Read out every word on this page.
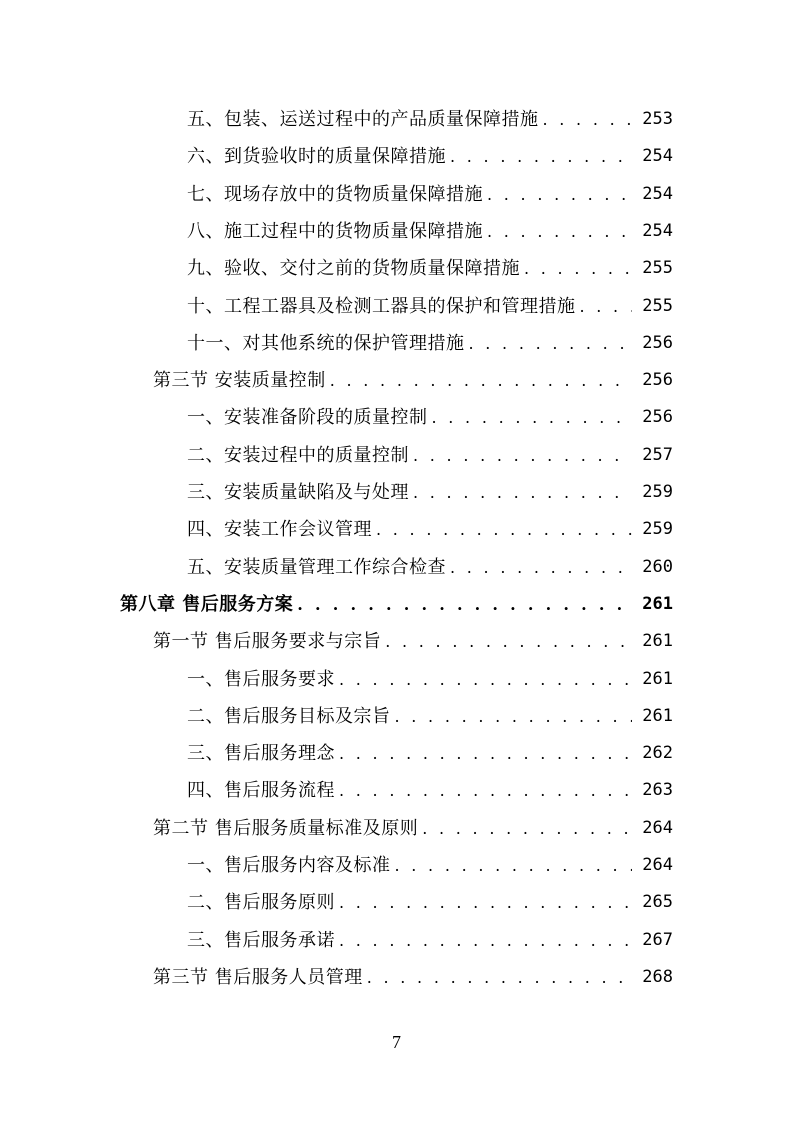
五、包装、运送过程中的产品质量保障措施 . . .	253
六、到货验收时的质量保障措施 . . .	254
七、现场存放中的货物质量保障措施 . . .	254
八、施工过程中的货物质量保障措施 . . .	254
九、验收、交付之前的货物质量保障措施 . . .	255
十、工程工器具及检测工器具的保护和管理措施 . . .	255
十一、对其他系统的保护管理措施 . . .	256
第三节 安装质量控制 . . .	256
一、安装准备阶段的质量控制 . . .	256
二、安装过程中的质量控制 . . .	257
三、安装质量缺陷及与处理 . . .	259
四、安装工作会议管理 . . .	259
五、安装质量管理工作综合检查 . . .	260
第八章 售后服务方案 . . .	261
第一节 售后服务要求与宗旨 . . .	261
一、售后服务要求 . . .	261
二、售后服务目标及宗旨 . . .	261
三、售后服务理念 . . .	262
四、售后服务流程 . . .	263
第二节 售后服务质量标准及原则 . . .	264
一、售后服务内容及标准 . . .	264
二、售后服务原则 . . .	265
三、售后服务承诺 . . .	267
第三节 售后服务人员管理 . . .	268
7
